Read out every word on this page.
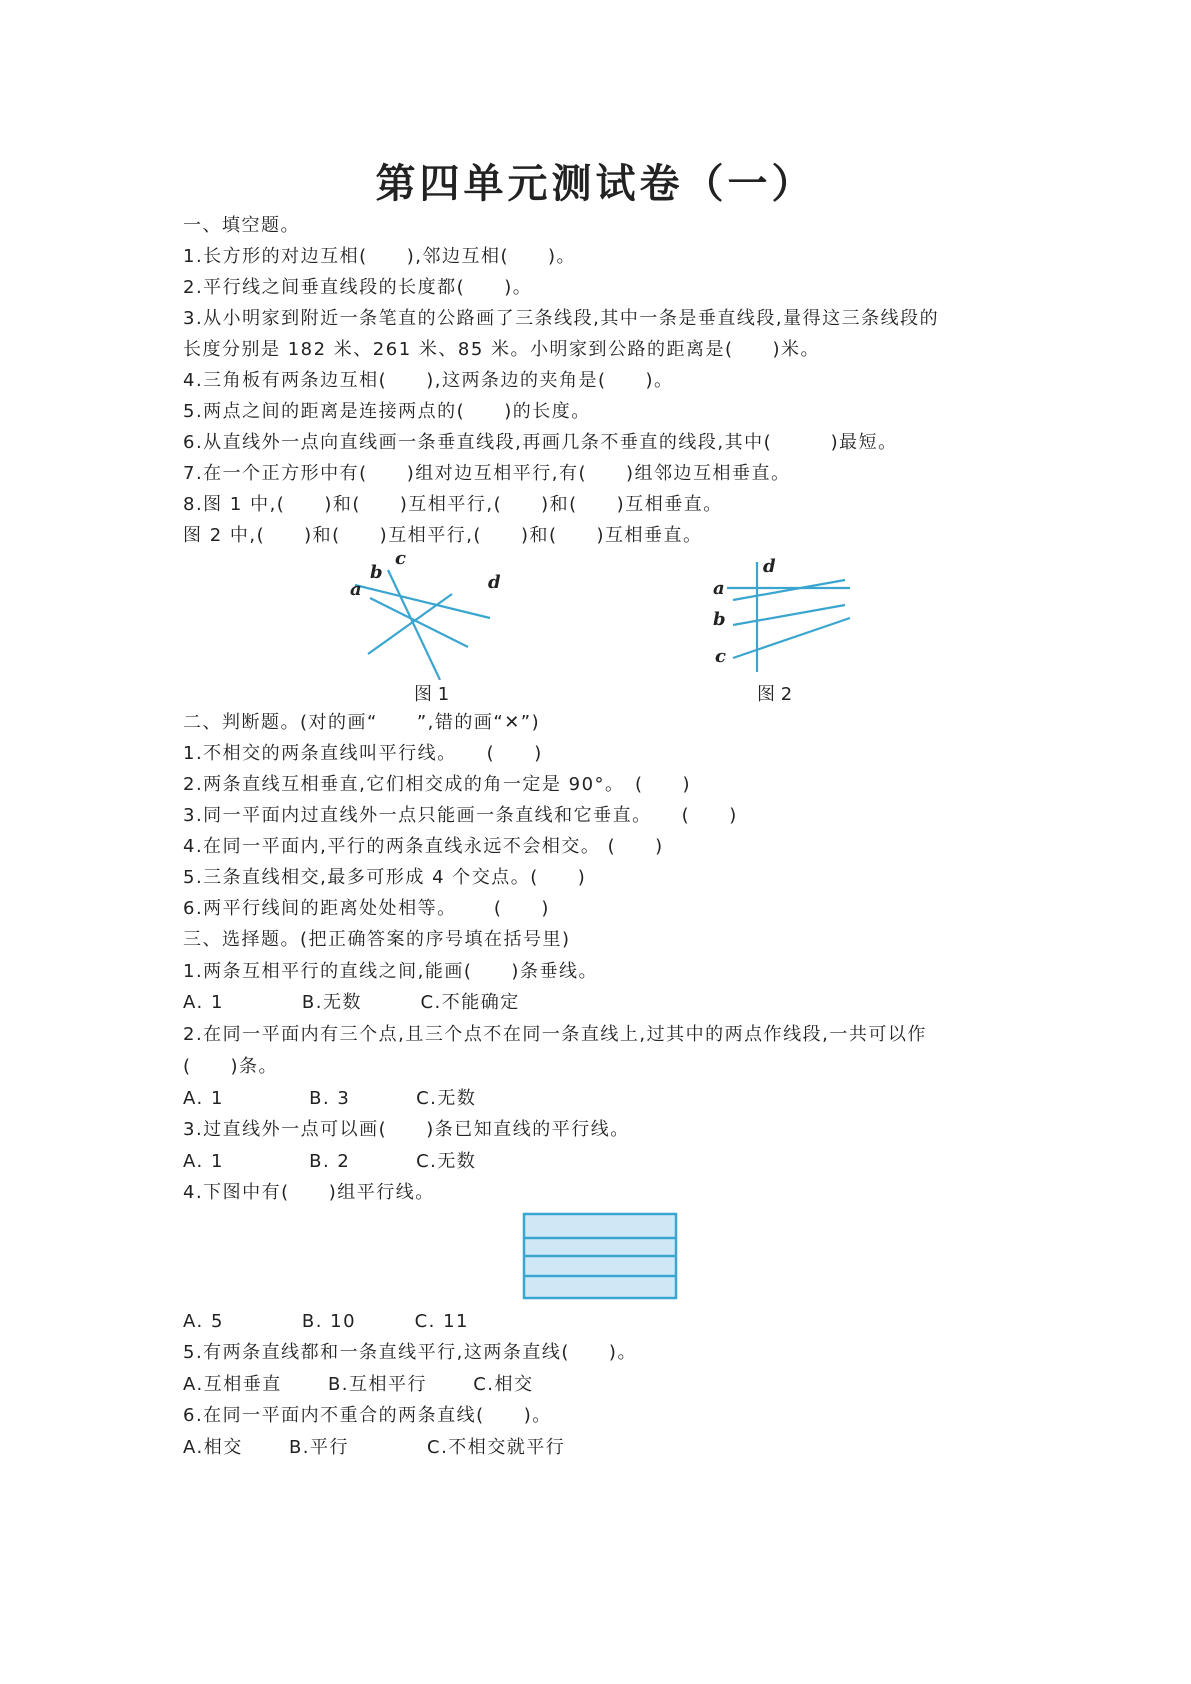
第四单元测试卷（一）
一、填空题。
1.长方形的对边互相(　　),邻边互相(　　)。
2.平行线之间垂直线段的长度都(　　)。
3.从小明家到附近一条笔直的公路画了三条线段,其中一条是垂直线段,量得这三条线段的
长度分别是 182 米、261 米、85 米。小明家到公路的距离是(　　)米。
4.三角板有两条边互相(　　),这两条边的夹角是(　　)。
5.两点之间的距离是连接两点的(　　)的长度。
6.从直线外一点向直线画一条垂直线段,再画几条不垂直的线段,其中(　　　)最短。
7.在一个正方形中有(　　)组对边互相平行,有(　　)组邻边互相垂直。
8.图 1 中,(　　)和(　　)互相平行,(　　)和(　　)互相垂直。
图 2 中,(　　)和(　　)互相平行,(　　)和(　　)互相垂直。
a
b
c
d
图 1
a
b
c
d
图 2
二、判断题。(对的画“　　”,错的画“✕”)
1.不相交的两条直线叫平行线。　　(　　)
2.两条直线互相垂直,它们相交成的角一定是 90°。　(　　)
3.同一平面内过直线外一点只能画一条直线和它垂直。　　(　　)
4.在同一平面内,平行的两条直线永远不会相交。 (　　)
5.三条直线相交,最多可形成 4 个交点。(　　)
6.两平行线间的距离处处相等。　　 (　　)
三、选择题。(把正确答案的序号填在括号里)
1.两条互相平行的直线之间,能画(　　)条垂线。
A. 1　　　　B.无数　　　C.不能确定
2.在同一平面内有三个点,且三个点不在同一条直线上,过其中的两点作线段,一共可以作
(　　)条。
A. 1　　　　 B. 3　　　 C.无数
3.过直线外一点可以画(　　)条已知直线的平行线。
A. 1　　　　 B. 2　　　 C.无数
4.下图中有(　　)组平行线。
A. 5　　　　B. 10　　　C. 11
5.有两条直线都和一条直线平行,这两条直线(　　)。
A.互相垂直　　 B.互相平行　　 C.相交
6.在同一平面内不重合的两条直线(　　)。
A.相交　　 B.平行　　　　C.不相交就平行
